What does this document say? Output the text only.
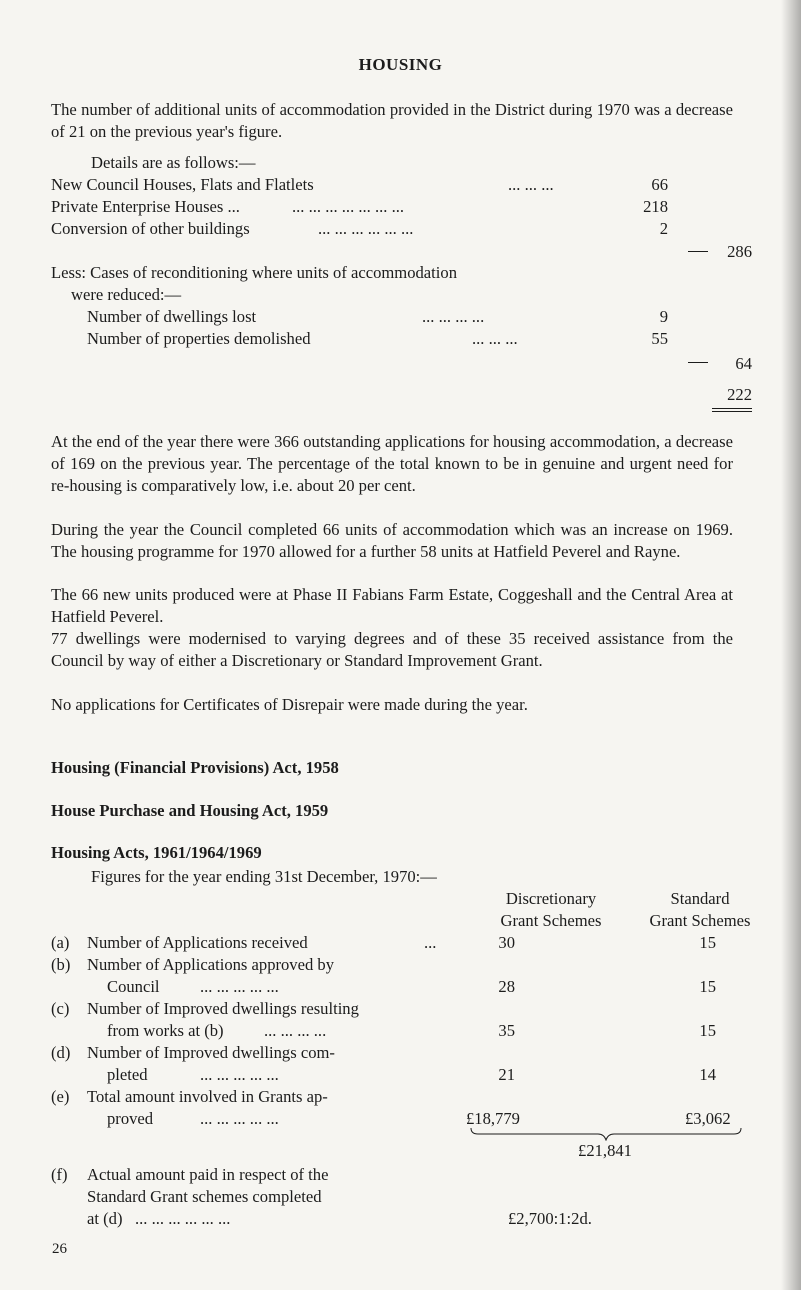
HOUSING

The number of additional units of accommodation provided in the District during 1970 was a decrease of 21 on the previous year's figure.

Details are as follows:—
New Council Houses, Flats and Flatlets	... ... ...	66
Private Enterprise Houses ...	... ... ... ... ... ... ...	218
Conversion of other buildings	... ... ... ... ... ...	2
286
Less: Cases of reconditioning where units of accommodation
were reduced:—
Number of dwellings lost	... ... ... ...	9
Number of properties demolished	... ... ...	55
64
222

At the end of the year there were 366 outstanding applications for housing accommodation, a decrease of 169 on the previous year. The percentage of the total known to be in genuine and urgent need for re-housing is comparatively low, i.e. about 20 per cent.

During the year the Council completed 66 units of accommodation which was an increase on 1969. The housing programme for 1970 allowed for a further 58 units at Hatfield Peverel and Rayne.

The 66 new units produced were at Phase II Fabians Farm Estate, Coggeshall and the Central Area at Hatfield Peverel.

77 dwellings were modernised to varying degrees and of these 35 received assistance from the Council by way of either a Discretionary or Standard Improvement Grant.

No applications for Certificates of Disrepair were made during the year.

Housing (Financial Provisions) Act, 1958
House Purchase and Housing Act, 1959
Housing Acts, 1961/1964/1969
Figures for the year ending 31st December, 1970:—
Discretionary
Grant Schemes
Standard
Grant Schemes
(a) Number of Applications received	...	30	15
(b) Number of Applications approved by
Council ... ... ... ... ...	28	15
(c) Number of Improved dwellings resulting
from works at (b) ... ... ... ...	35	15
(d) Number of Improved dwellings com-
pleted	... ... ... ... ...	21	14
(e) Total amount involved in Grants ap-
proved	... ... ... ... ...	£18,779	£3,062
£21,841
(f) Actual amount paid in respect of the
Standard Grant schemes completed
at (d) ... ... ... ... ... ...	£2,700:1:2d.
26
